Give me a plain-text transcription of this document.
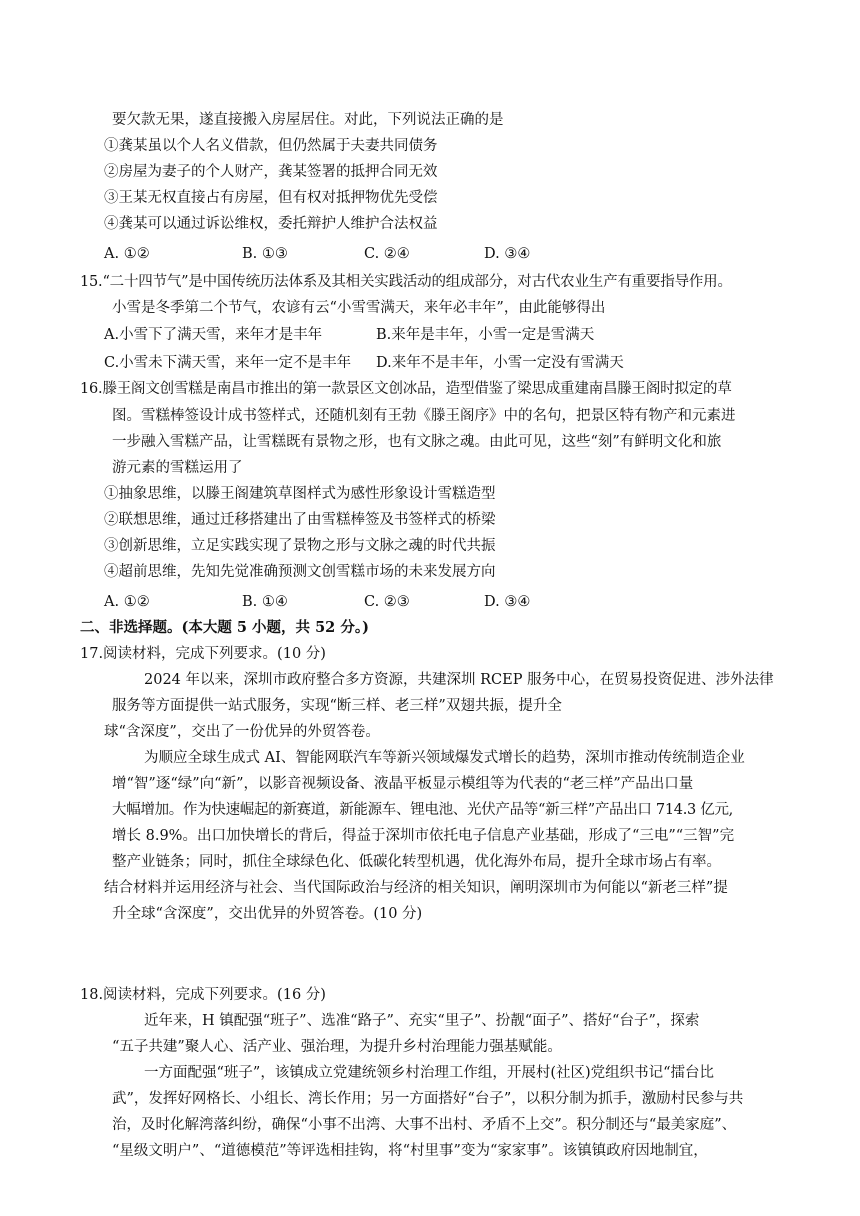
要欠款无果，遂直接搬入房屋居住。对此，下列说法正确的是
①龚某虽以个人名义借款，但仍然属于夫妻共同债务
②房屋为妻子的个人财产，龚某签署的抵押合同无效
③王某无权直接占有房屋，但有权对抵押物优先受偿
④龚某可以通过诉讼维权，委托辩护人维护合法权益
A. ①②	B. ①③	C. ②④	D. ③④
15.“二十四节气”是中国传统历法体系及其相关实践活动的组成部分，对古代农业生产有重要指导作用。
小雪是冬季第二个节气，农谚有云“小雪雪满天，来年必丰年”，由此能够得出
A.小雪下了满天雪，来年才是丰年	B.来年是丰年，小雪一定是雪满天
C.小雪未下满天雪，来年一定不是丰年 D.来年不是丰年，小雪一定没有雪满天
16.滕王阁文创雪糕是南昌市推出的第一款景区文创冰品，造型借鉴了梁思成重建南昌滕王阁时拟定的草
图。雪糕棒签设计成书签样式，还随机刻有王勃《滕王阁序》中的名句，把景区特有物产和元素进
一步融入雪糕产品，让雪糕既有景物之形，也有文脉之魂。由此可见，这些“刻”有鲜明文化和旅
游元素的雪糕运用了
①抽象思维，以滕王阁建筑草图样式为感性形象设计雪糕造型
②联想思维，通过迁移搭建出了由雪糕棒签及书签样式的桥梁
③创新思维，立足实践实现了景物之形与文脉之魂的时代共振
④超前思维，先知先觉准确预测文创雪糕市场的未来发展方向
A. ①②	B. ①④	C. ②③	D. ③④
二、非选择题。(本大题 5 小题，共 52 分。)
17.阅读材料，完成下列要求。(10 分)
2024 年以来，深圳市政府整合多方资源，共建深圳 RCEP 服务中心，在贸易投资促进、涉外法律
服务等方面提供一站式服务，实现“断三样、老三样”双翅共振，提升全
球“含深度”，交出了一份优异的外贸答卷。
为顺应全球生成式 AI、智能网联汽车等新兴领域爆发式增长的趋势，深圳市推动传统制造企业
增“智”逐“绿”向“新”，以影音视频设备、液晶平板显示模组等为代表的“老三样”产品出口量
大幅增加。作为快速崛起的新赛道，新能源车、锂电池、光伏产品等“新三样”产品出口 714.3 亿元,
增长 8.9%。出口加快增长的背后，得益于深圳市依托电子信息产业基础，形成了“三电”“三智”完
整产业链条；同时，抓住全球绿色化、低碳化转型机遇，优化海外布局，提升全球市场占有率。
结合材料并运用经济与社会、当代国际政治与经济的相关知识，阐明深圳市为何能以“新老三样”提
升全球“含深度”，交出优异的外贸答卷。(10 分)
18.阅读材料，完成下列要求。(16 分)
近年来，H 镇配强“班子”、选准“路子”、充实“里子”、扮靓“面子”、搭好“台子”，探索
“五子共建”聚人心、活产业、强治理，为提升乡村治理能力强基赋能。
一方面配强“班子”，该镇成立党建统领乡村治理工作组，开展村(社区)党组织书记“擂台比
武”，发挥好网格长、小组长、湾长作用；另一方面搭好“台子”，以积分制为抓手，激励村民参与共
治，及时化解湾落纠纷，确保“小事不出湾、大事不出村、矛盾不上交”。积分制还与“最美家庭”、
“星级文明户”、“道德模范”等评选相挂钩，将“村里事”变为“家家事”。该镇镇政府因地制宜，
